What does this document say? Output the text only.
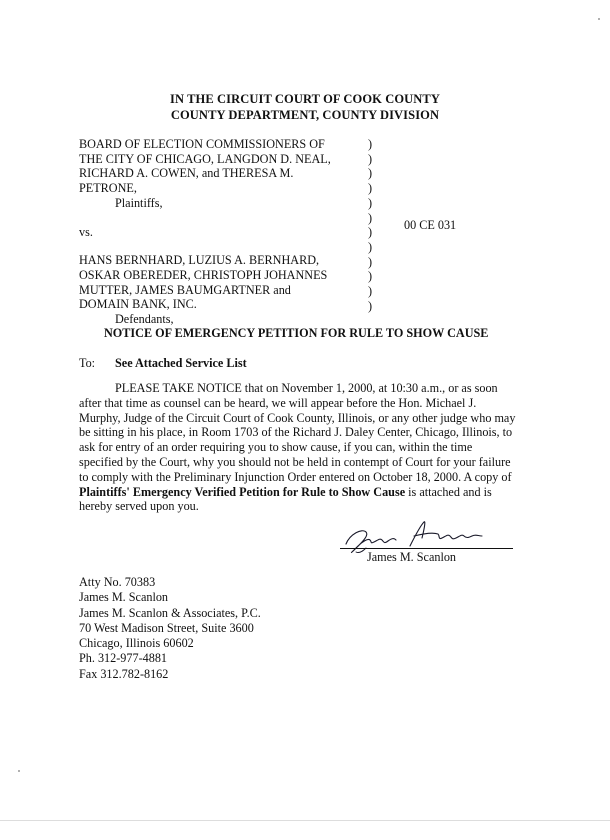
IN THE CIRCUIT COURT OF COOK COUNTY
COUNTY DEPARTMENT, COUNTY DIVISION
BOARD OF ELECTION COMMISSIONERS OF
THE CITY OF CHICAGO, LANGDON D. NEAL,
RICHARD A. COWEN, and THERESA M.
PETRONE,
Plaintiffs,
vs.
HANS BERNHARD, LUZIUS A. BERNHARD,
OSKAR OBEREDER, CHRISTOPH JOHANNES
MUTTER, JAMES BAUMGARTNER and
DOMAIN BANK, INC.
Defendants,
)
)
)
)
)
)
)
)
)
)
)
)
00 CE 031
NOTICE OF EMERGENCY PETITION FOR RULE TO SHOW CAUSE
To: See Attached Service List
PLEASE TAKE NOTICE that on November 1, 2000, at 10:30 a.m., or as soon
after that time as counsel can be heard, we will appear before the Hon. Michael J.
Murphy, Judge of the Circuit Court of Cook County, Illinois, or any other judge who may
be sitting in his place, in Room 1703 of the Richard J. Daley Center, Chicago, Illinois, to
ask for entry of an order requiring you to show cause, if you can, within the time
specified by the Court, why you should not be held in contempt of Court for your failure
to comply with the Preliminary Injunction Order entered on October 18, 2000. A copy of
Plaintiffs' Emergency Verified Petition for Rule to Show Cause is attached and is
hereby served upon you.
James M. Scanlon
Atty No. 70383
James M. Scanlon
James M. Scanlon & Associates, P.C.
70 West Madison Street, Suite 3600
Chicago, Illinois 60602
Ph. 312-977-4881
Fax 312.782-8162
